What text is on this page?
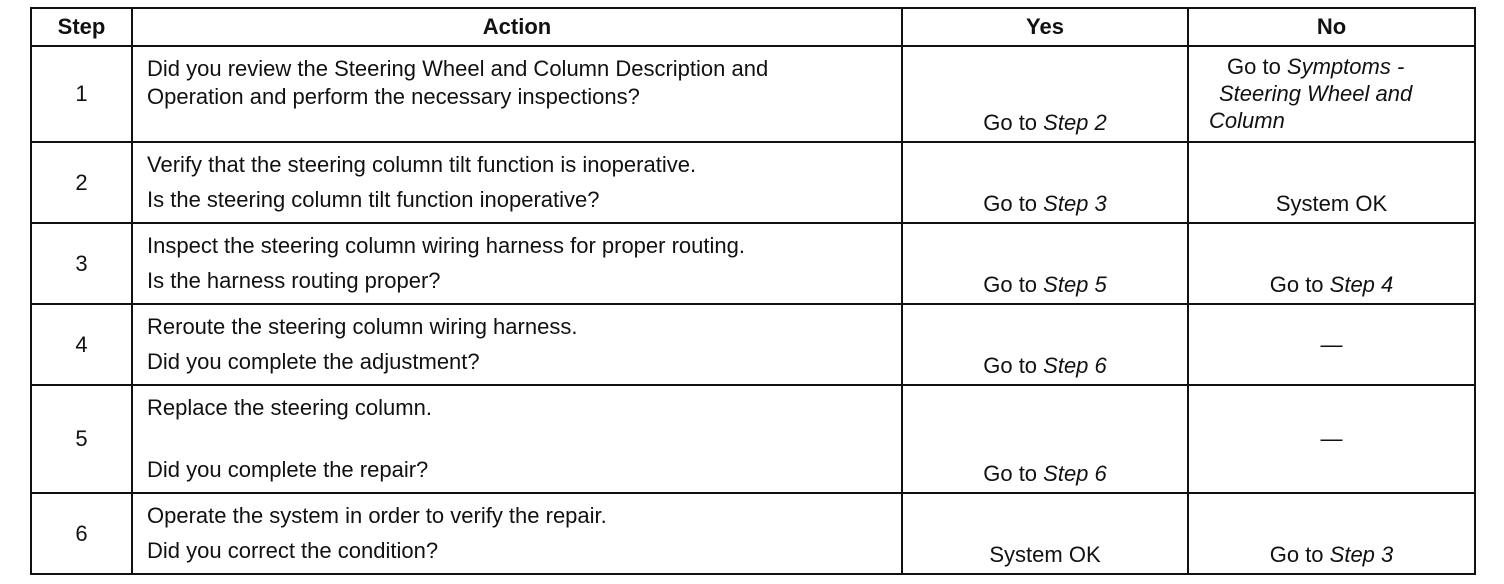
Step	Action	Yes	No
1	Did you review the Steering Wheel and Column Description and
Operation and perform the necessary inspections?	Go to Step 2	Go to Symptoms -
Steering Wheel and
Column

2	Verify that the steering column tilt function is inoperative.
Is the steering column tilt function inoperative?	Go to Step 3	System OK
3	Inspect the steering column wiring harness for proper routing.
Is the harness routing proper?	Go to Step 5	Go to Step 4
4	Reroute the steering column wiring harness.
Did you complete the adjustment?	Go to Step 6	—
5	Replace the steering column.
Did you complete the repair?	Go to Step 6	—
6	Operate the system in order to verify the repair.
Did you correct the condition?	System OK	Go to Step 3
